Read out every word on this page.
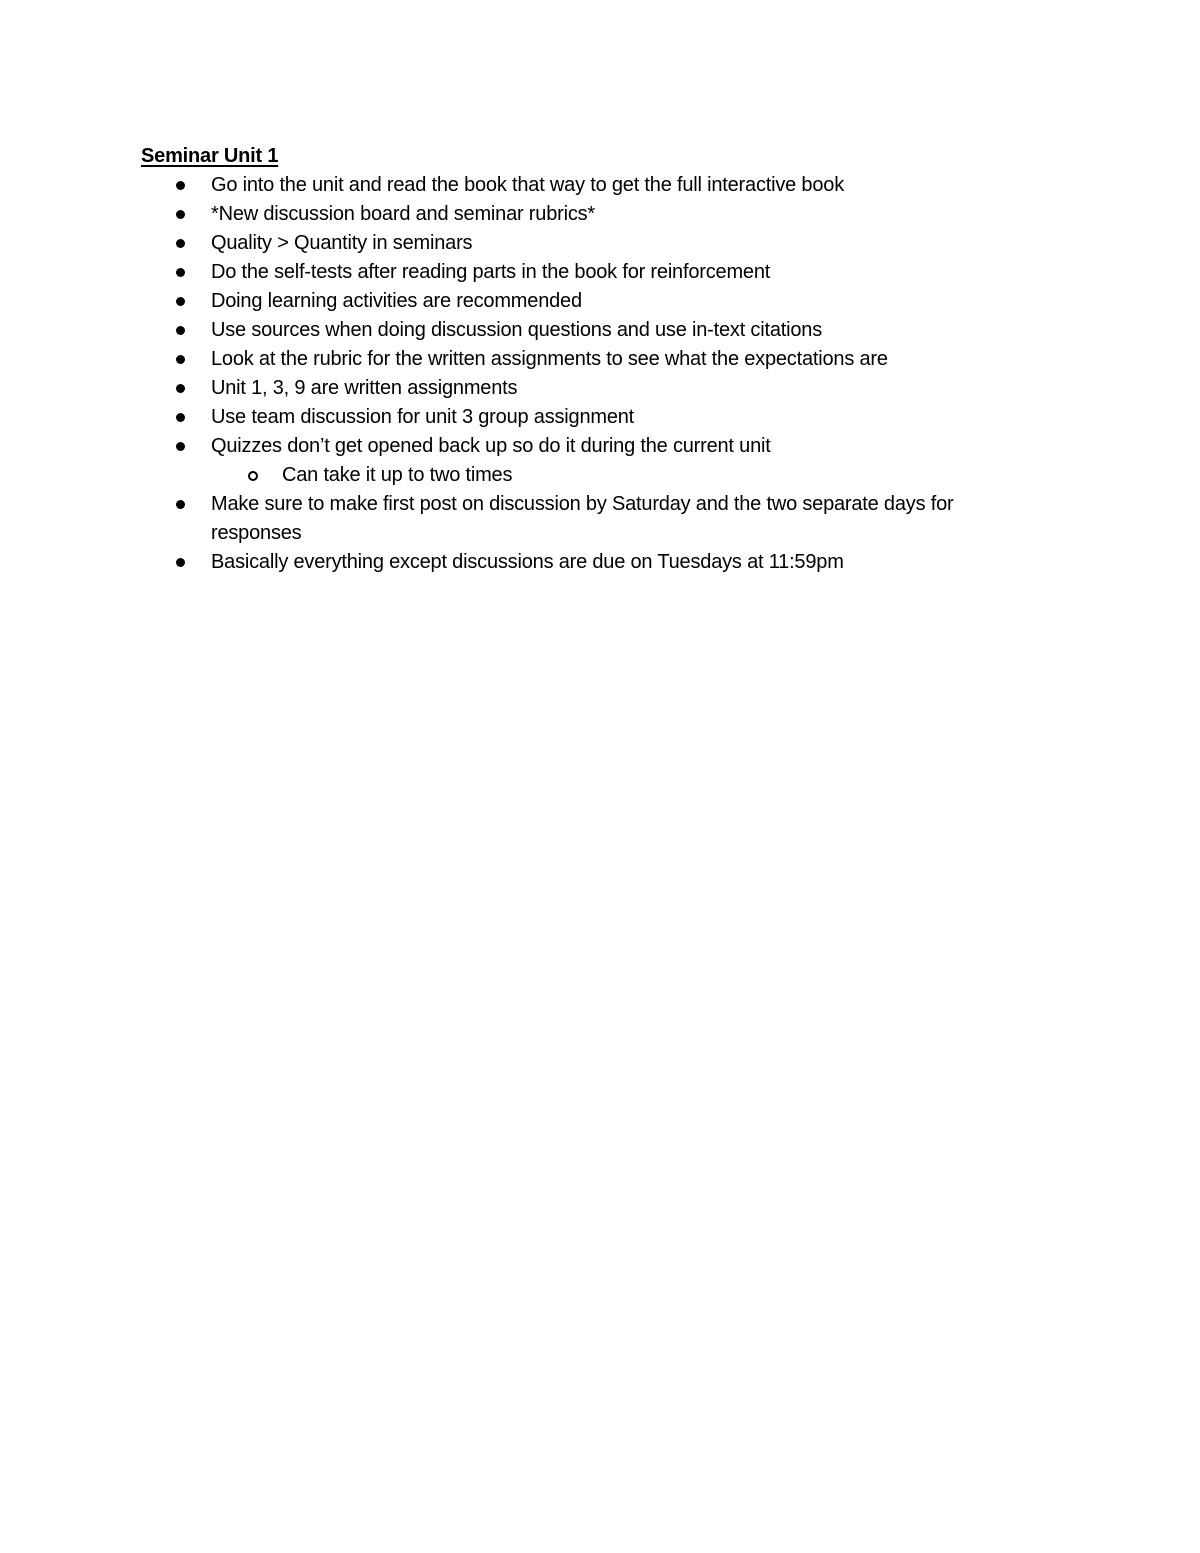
Seminar Unit 1
Go into the unit and read the book that way to get the full interactive book
*New discussion board and seminar rubrics*
Quality > Quantity in seminars
Do the self-tests after reading parts in the book for reinforcement
Doing learning activities are recommended
Use sources when doing discussion questions and use in-text citations
Look at the rubric for the written assignments to see what the expectations are
Unit 1, 3, 9 are written assignments
Use team discussion for unit 3 group assignment
Quizzes don’t get opened back up so do it during the current unit
Can take it up to two times
Make sure to make first post on discussion by Saturday and the two separate days for responses
Basically everything except discussions are due on Tuesdays at 11:59pm
